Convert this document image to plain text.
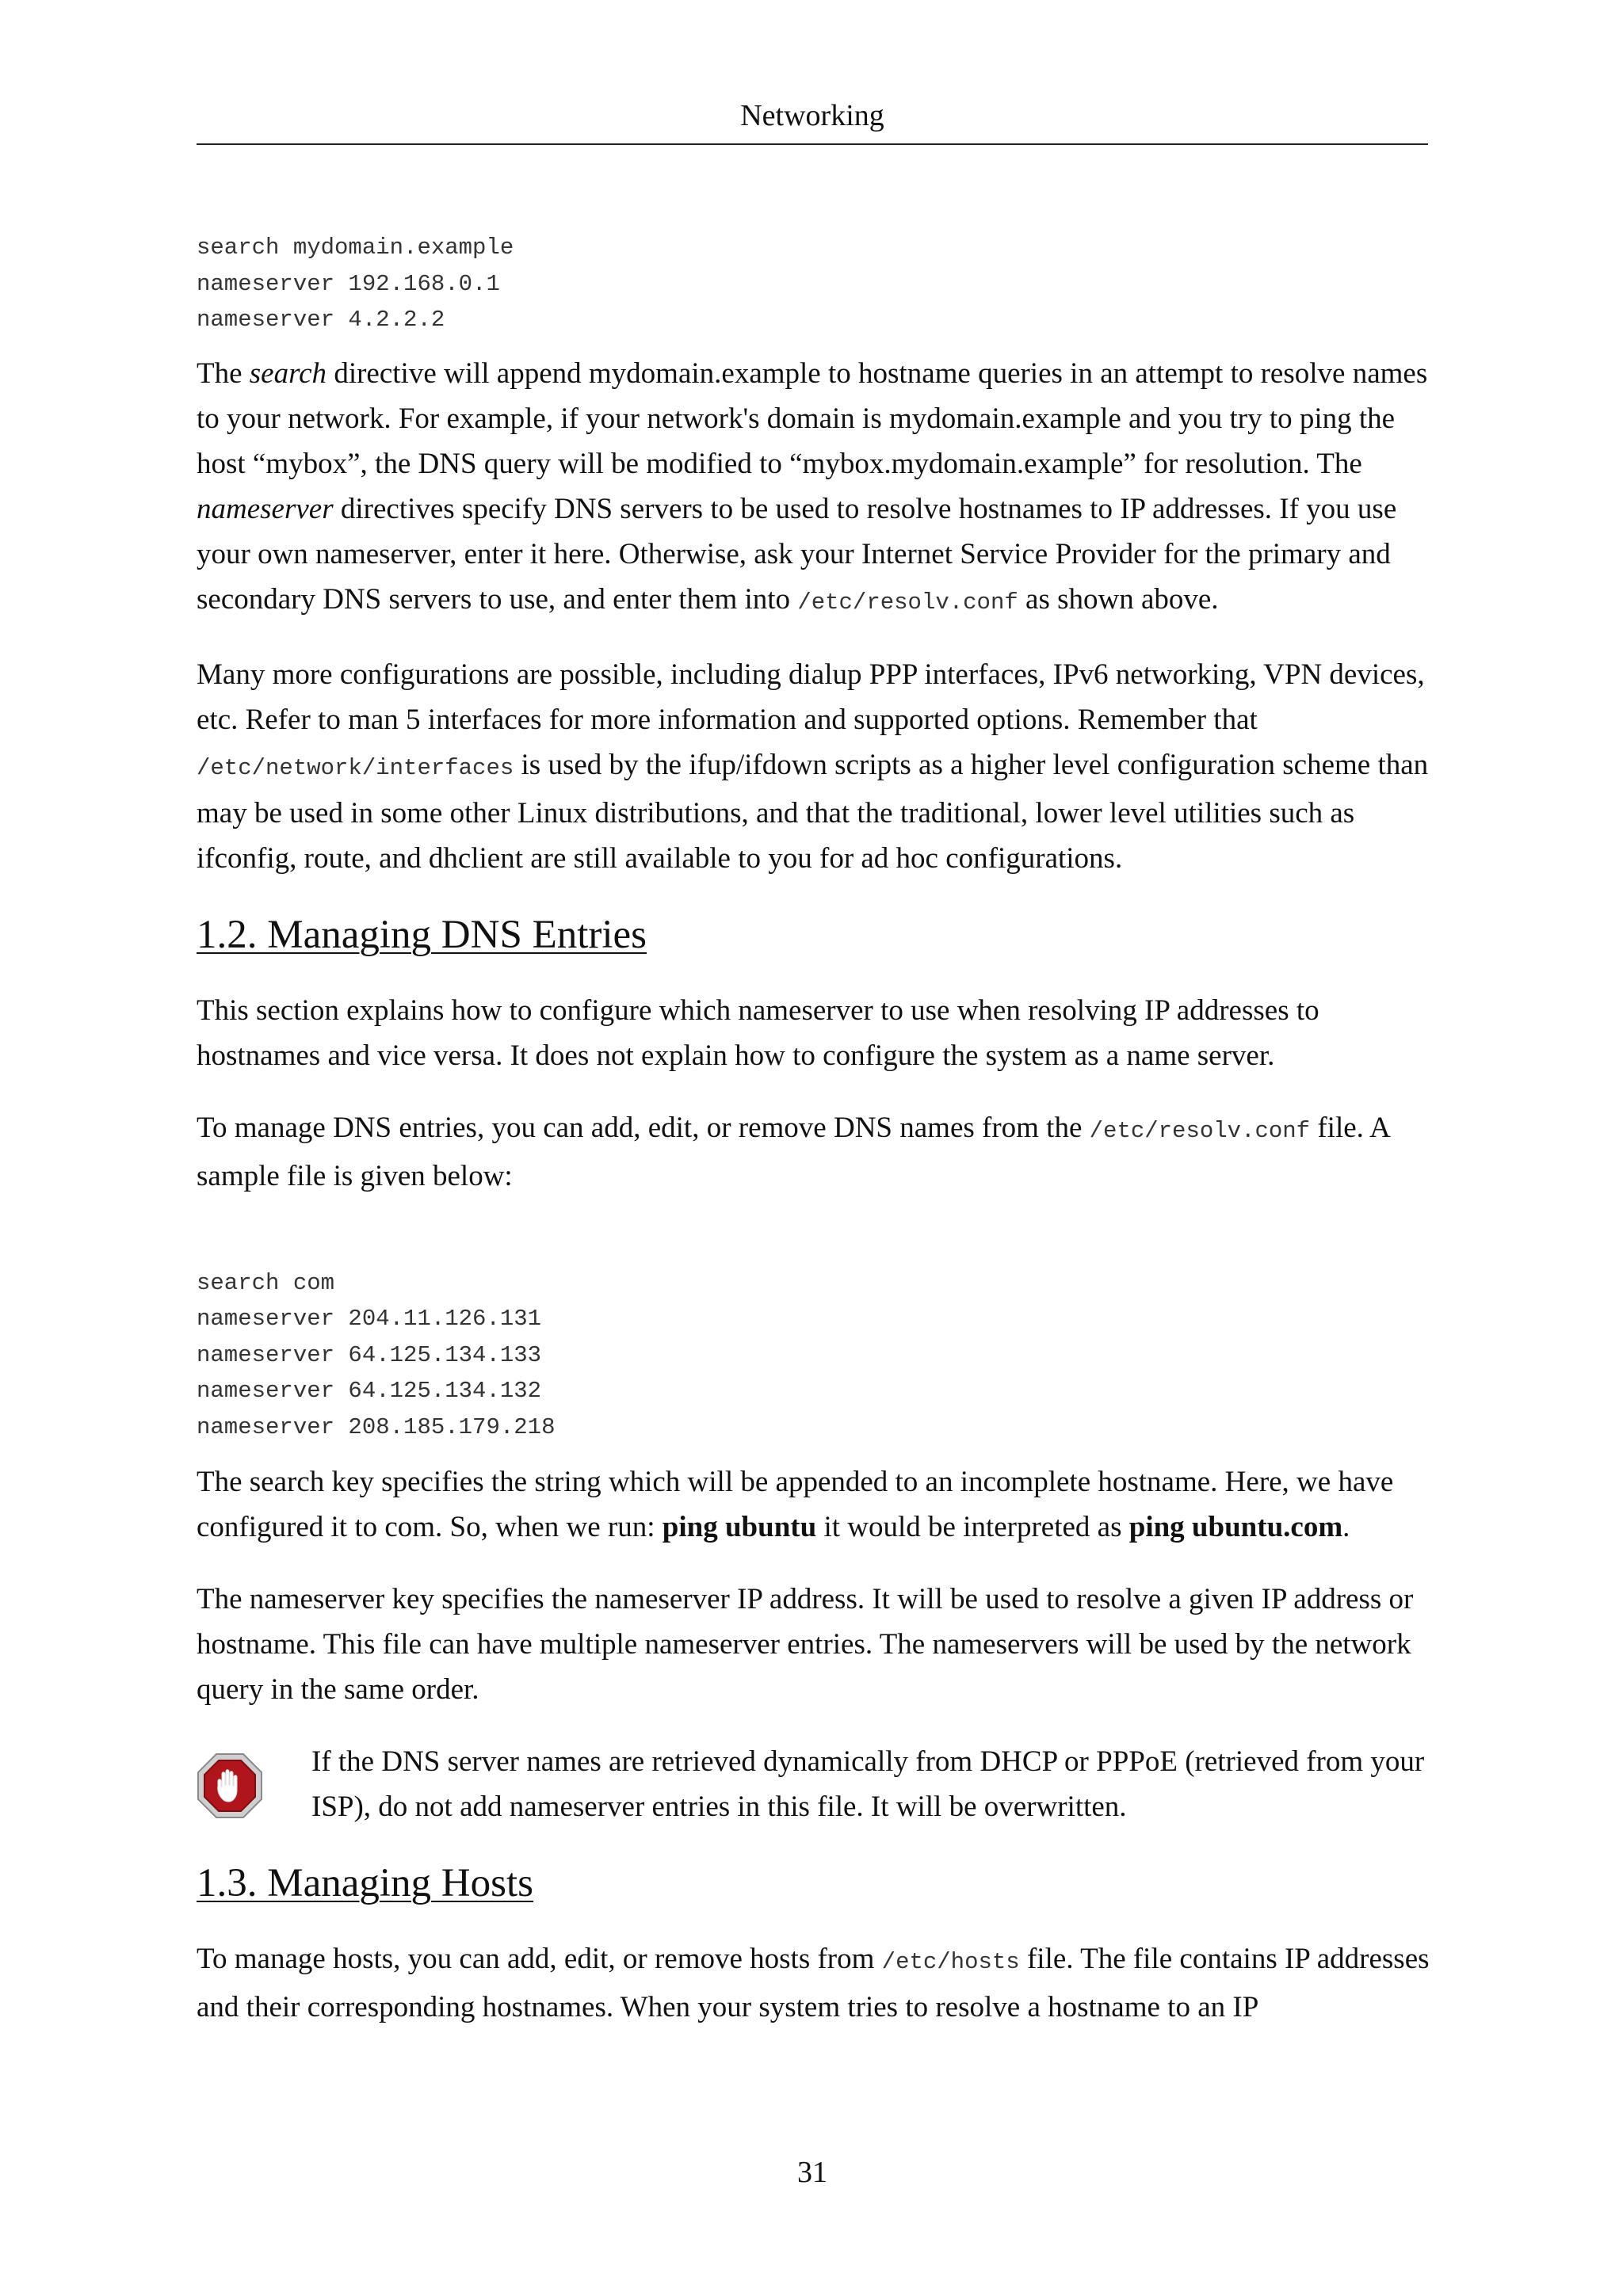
Networking
search mydomain.example
nameserver 192.168.0.1
nameserver 4.2.2.2

The search directive will append mydomain.example to hostname queries in an attempt to resolve names to your network. For example, if your network's domain is mydomain.example and you try to ping the host “mybox”, the DNS query will be modified to “mybox.mydomain.example” for resolution. The nameserver directives specify DNS servers to be used to resolve hostnames to IP addresses. If you use your own nameserver, enter it here. Otherwise, ask your Internet Service Provider for the primary and secondary DNS servers to use, and enter them into /etc/resolv.conf as shown above.

Many more configurations are possible, including dialup PPP interfaces, IPv6 networking, VPN devices, etc. Refer to man 5 interfaces for more information and supported options. Remember that /etc/network/interfaces is used by the ifup/ifdown scripts as a higher level configuration scheme than may be used in some other Linux distributions, and that the traditional, lower level utilities such as ifconfig, route, and dhclient are still available to you for ad hoc configurations.

1.2. Managing DNS Entries

This section explains how to configure which nameserver to use when resolving IP addresses to hostnames and vice versa. It does not explain how to configure the system as a name server.

To manage DNS entries, you can add, edit, or remove DNS names from the /etc/resolv.conf file. A sample file is given below:

search com
nameserver 204.11.126.131
nameserver 64.125.134.133
nameserver 64.125.134.132
nameserver 208.185.179.218

The search key specifies the string which will be appended to an incomplete hostname. Here, we have configured it to com. So, when we run: ping ubuntu it would be interpreted as ping ubuntu.com.

The nameserver key specifies the nameserver IP address. It will be used to resolve a given IP address or hostname. This file can have multiple nameserver entries. The nameservers will be used by the network query in the same order.

If the DNS server names are retrieved dynamically from DHCP or PPPoE (retrieved from your ISP), do not add nameserver entries in this file. It will be overwritten.

1.3. Managing Hosts

To manage hosts, you can add, edit, or remove hosts from /etc/hosts file. The file contains IP addresses and their corresponding hostnames. When your system tries to resolve a hostname to an IP

31
